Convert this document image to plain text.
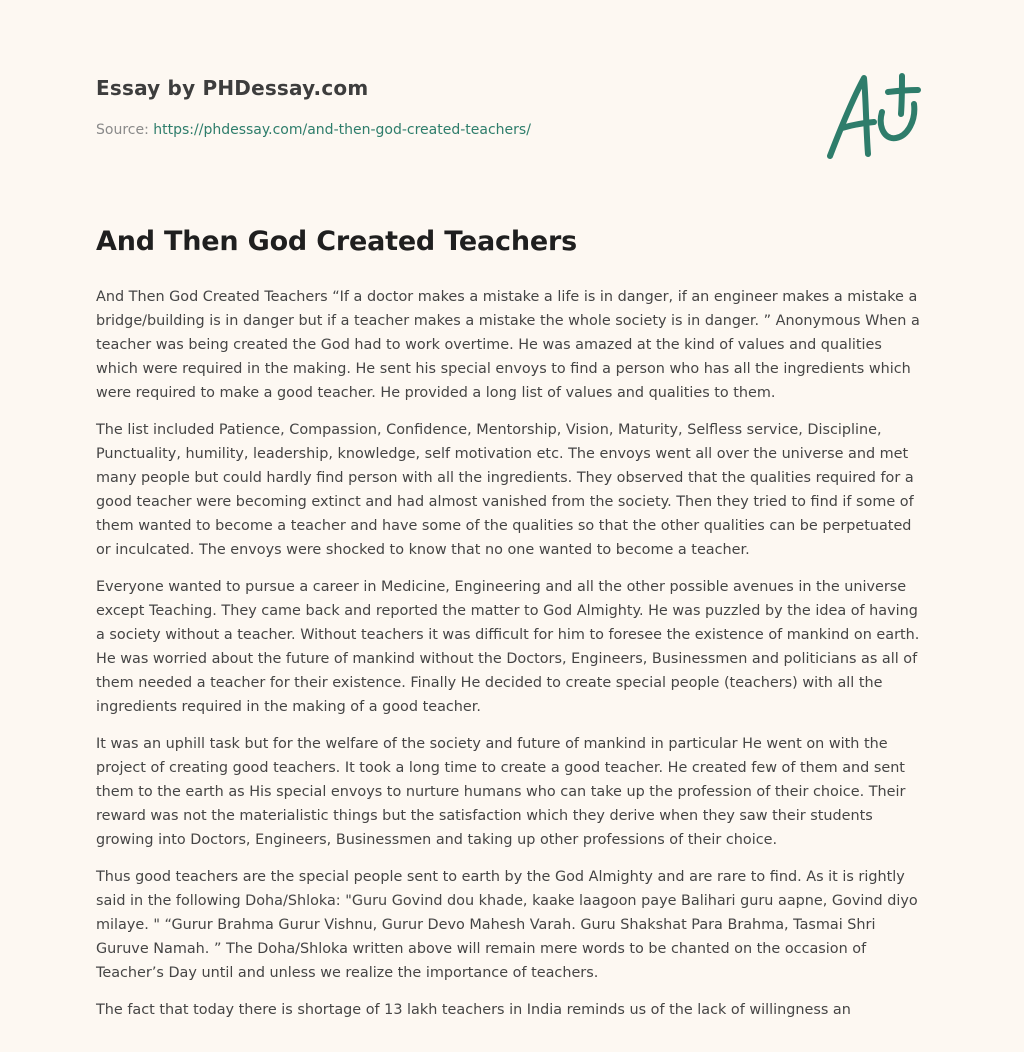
Essay by PHDessay.com
Source: https://phdessay.com/and-then-god-created-teachers/
And Then God Created Teachers

And Then God Created Teachers “If a doctor makes a mistake a life is in danger, if an engineer makes a mistake a bridge/building is in danger but if a teacher makes a mistake the whole society is in danger. ” Anonymous When a teacher was being created the God had to work overtime. He was amazed at the kind of values and qualities which were required in the making. He sent his special envoys to find a person who has all the ingredients which were required to make a good teacher. He provided a long list of values and qualities to them.

The list included Patience, Compassion, Confidence, Mentorship, Vision, Maturity, Selfless service, Discipline, Punctuality, humility, leadership, knowledge, self motivation etc. The envoys went all over the universe and met many people but could hardly find person with all the ingredients. They observed that the qualities required for a good teacher were becoming extinct and had almost vanished from the society. Then they tried to find if some of them wanted to become a teacher and have some of the qualities so that the other qualities can be perpetuated or inculcated. The envoys were shocked to know that no one wanted to become a teacher.

Everyone wanted to pursue a career in Medicine, Engineering and all the other possible avenues in the universe except Teaching. They came back and reported the matter to God Almighty. He was puzzled by the idea of having a society without a teacher. Without teachers it was difficult for him to foresee the existence of mankind on earth. He was worried about the future of mankind without the Doctors, Engineers, Businessmen and politicians as all of them needed a teacher for their existence. Finally He decided to create special people (teachers) with all the ingredients required in the making of a good teacher.

It was an uphill task but for the welfare of the society and future of mankind in particular He went on with the project of creating good teachers. It took a long time to create a good teacher. He created few of them and sent them to the earth as His special envoys to nurture humans who can take up the profession of their choice. Their reward was not the materialistic things but the satisfaction which they derive when they saw their students growing into Doctors, Engineers, Businessmen and taking up other professions of their choice.

Thus good teachers are the special people sent to earth by the God Almighty and are rare to find. As it is rightly said in the following Doha/Shloka: "Guru Govind dou khade, kaake laagoon paye Balihari guru aapne, Govind diyo milaye. " “Gurur Brahma Gurur Vishnu, Gurur Devo Mahesh Varah. Guru Shakshat Para Brahma, Tasmai Shri Guruve Namah. ” The Doha/Shloka written above will remain mere words to be chanted on the occasion of Teacher’s Day until and unless we realize the importance of teachers.

The fact that today there is shortage of 13 lakh teachers in India reminds us of the lack of willingness an
